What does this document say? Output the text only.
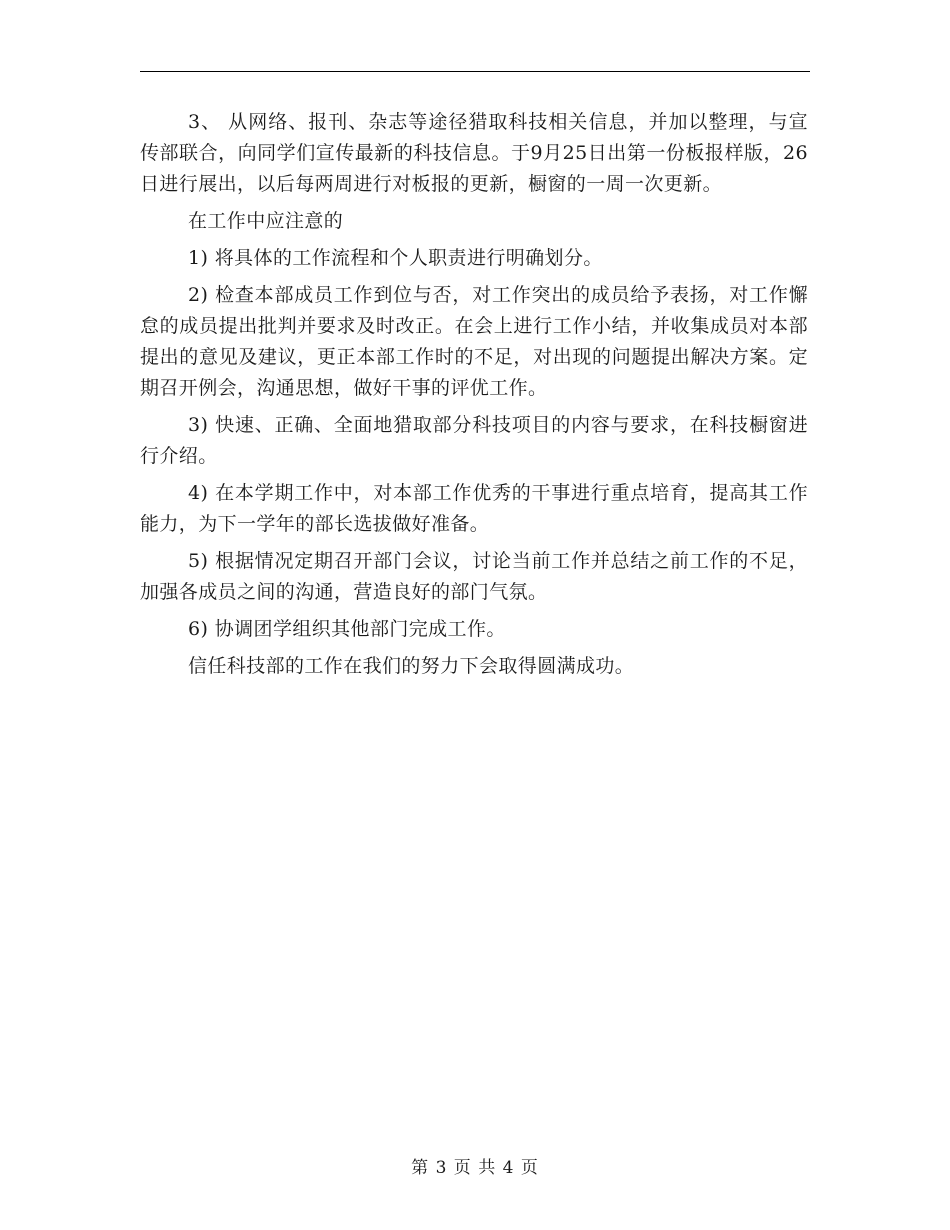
3、 从网络、报刊、杂志等途径猎取科技相关信息，并加以整理，与宣传部联合，向同学们宣传最新的科技信息。于9月25日出第一份板报样版，26日进行展出，以后每两周进行对板报的更新，橱窗的一周一次更新。

在工作中应注意的

1) 将具体的工作流程和个人职责进行明确划分。

2) 检查本部成员工作到位与否，对工作突出的成员给予表扬，对工作懈怠的成员提出批判并要求及时改正。在会上进行工作小结，并收集成员对本部提出的意见及建议，更正本部工作时的不足，对出现的问题提出解决方案。定期召开例会，沟通思想，做好干事的评优工作。

3) 快速、正确、全面地猎取部分科技项目的内容与要求，在科技橱窗进行介绍。

4) 在本学期工作中，对本部工作优秀的干事进行重点培育，提高其工作能力，为下一学年的部长选拔做好准备。

5) 根据情况定期召开部门会议，讨论当前工作并总结之前工作的不足，加强各成员之间的沟通，营造良好的部门气氛。

6) 协调团学组织其他部门完成工作。

信任科技部的工作在我们的努力下会取得圆满成功。

第 3 页 共 4 页
